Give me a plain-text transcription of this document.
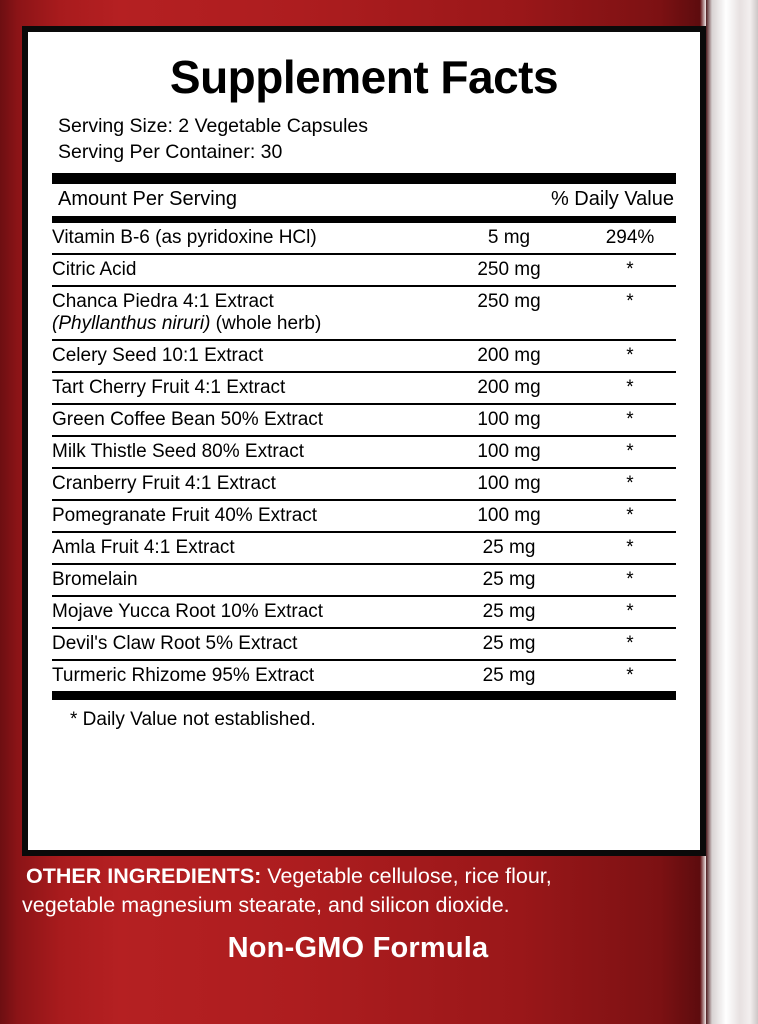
Supplement Facts
Serving Size: 2 Vegetable Capsules
Serving Per Container: 30
Amount Per Serving	% Daily Value
Vitamin B-6 (as pyridoxine HCl)	5 mg	294%
Citric Acid	250 mg	*
Chanca Piedra 4:1 Extract
(Phyllanthus niruri) (whole herb)	250 mg	*
Celery Seed 10:1 Extract	200 mg	*
Tart Cherry Fruit 4:1 Extract	200 mg	*
Green Coffee Bean 50% Extract	100 mg	*
Milk Thistle Seed 80% Extract	100 mg	*
Cranberry Fruit 4:1 Extract	100 mg	*
Pomegranate Fruit 40% Extract	100 mg	*
Amla Fruit 4:1 Extract	25 mg	*
Bromelain	25 mg	*
Mojave Yucca Root 10% Extract	25 mg	*
Devil's Claw Root 5% Extract	25 mg	*
Turmeric Rhizome 95% Extract	25 mg	*
* Daily Value not established.
OTHER INGREDIENTS: Vegetable cellulose, rice flour,
vegetable magnesium stearate, and silicon dioxide.
Non-GMO Formula
